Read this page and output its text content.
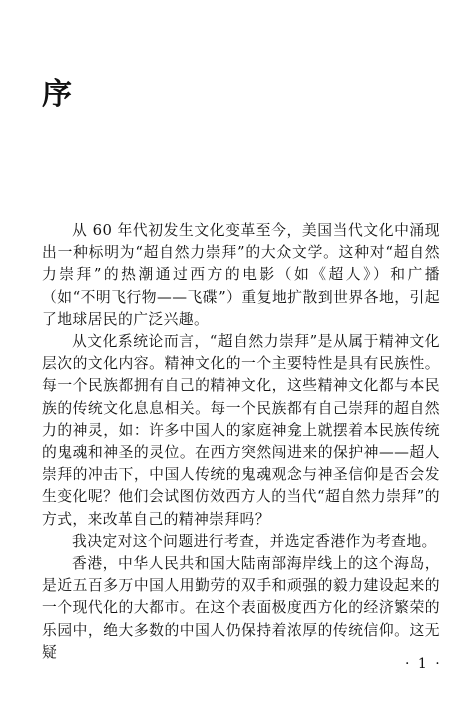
序

从 60 年代初发生文化变革至今，美国当代文化中涌现出一种标明为“超自然力崇拜”的大众文学。这种对“超自然力崇拜”的热潮通过西方的电影（如《超人》）和广播（如“不明飞行物——飞碟”）重复地扩散到世界各地，引起了地球居民的广泛兴趣。

从文化系统论而言，“超自然力崇拜”是从属于精神文化层次的文化内容。精神文化的一个主要特性是具有民族性。每一个民族都拥有自己的精神文化，这些精神文化都与本民族的传统文化息息相关。每一个民族都有自己崇拜的超自然力的神灵，如：许多中国人的家庭神龛上就摆着本民族传统的鬼魂和神圣的灵位。在西方突然闯进来的保护神——超人崇拜的冲击下，中国人传统的鬼魂观念与神圣信仰是否会发生变化呢？他们会试图仿效西方人的当代“超自然力崇拜”的方式，来改革自己的精神崇拜吗？

我决定对这个问题进行考查，并选定香港作为考查地。

香港，中华人民共和国大陆南部海岸线上的这个海岛，是近五百多万中国人用勤劳的双手和顽强的毅力建设起来的一个现代化的大都市。在这个表面极度西方化的经济繁荣的乐园中，绝大多数的中国人仍保持着浓厚的传统信仰。这无疑

· 1 ·
